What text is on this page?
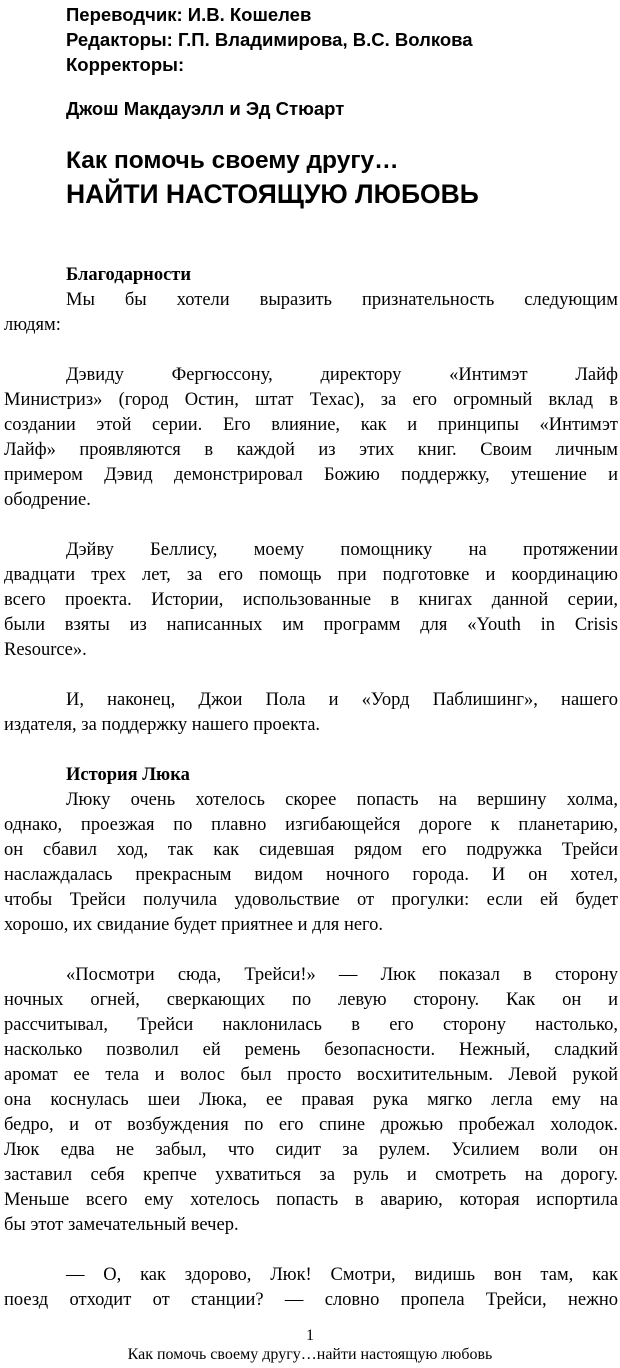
Переводчик: И.В. Кошелев
Редакторы: Г.П. Владимирова, В.С. Волкова
Корректоры:
Джош Макдауэлл и Эд Стюарт
Как помочь своему другу…
НАЙТИ НАСТОЯЩУЮ ЛЮБОВЬ
Благодарности
Мы бы хотели выразить признательность следующим
людям:
Дэвиду Фергюссону, директору «Интимэт Лайф
Министриз» (город Остин, штат Техас), за его огромный вклад в
создании этой серии. Его влияние, как и принципы «Интимэт
Лайф» проявляются в каждой из этих книг. Своим личным
примером Дэвид демонстрировал Божию поддержку, утешение и
ободрение.
Дэйву Беллису, моему помощнику на протяжении
двадцати трех лет, за его помощь при подготовке и координацию
всего проекта. Истории, использованные в книгах данной серии,
были взяты из написанных им программ для «Youth in Crisis
Resource».
И, наконец, Джои Пола и «Уорд Паблишинг», нашего
издателя, за поддержку нашего проекта.
История Люка
Люку очень хотелось скорее попасть на вершину холма,
однако, проезжая по плавно изгибающейся дороге к планетарию,
он сбавил ход, так как сидевшая рядом его подружка Трейси
наслаждалась прекрасным видом ночного города. И он хотел,
чтобы Трейси получила удовольствие от прогулки: если ей будет
хорошо, их свидание будет приятнее и для него.
«Посмотри сюда, Трейси!» — Люк показал в сторону
ночных огней, сверкающих по левую сторону. Как он и
рассчитывал, Трейси наклонилась в его сторону настолько,
насколько позволил ей ремень безопасности. Нежный, сладкий
аромат ее тела и волос был просто восхитительным. Левой рукой
она коснулась шеи Люка, ее правая рука мягко легла ему на
бедро, и от возбуждения по его спине дрожью пробежал холодок.
Люк едва не забыл, что сидит за рулем. Усилием воли он
заставил себя крепче ухватиться за руль и смотреть на дорогу.
Меньше всего ему хотелось попасть в аварию, которая испортила
бы этот замечательный вечер.
— О, как здорово, Люк! Смотри, видишь вон там, как
поезд отходит от станции? — словно пропела Трейси, нежно
1
Как помочь своему другу…найти настоящую любовь
